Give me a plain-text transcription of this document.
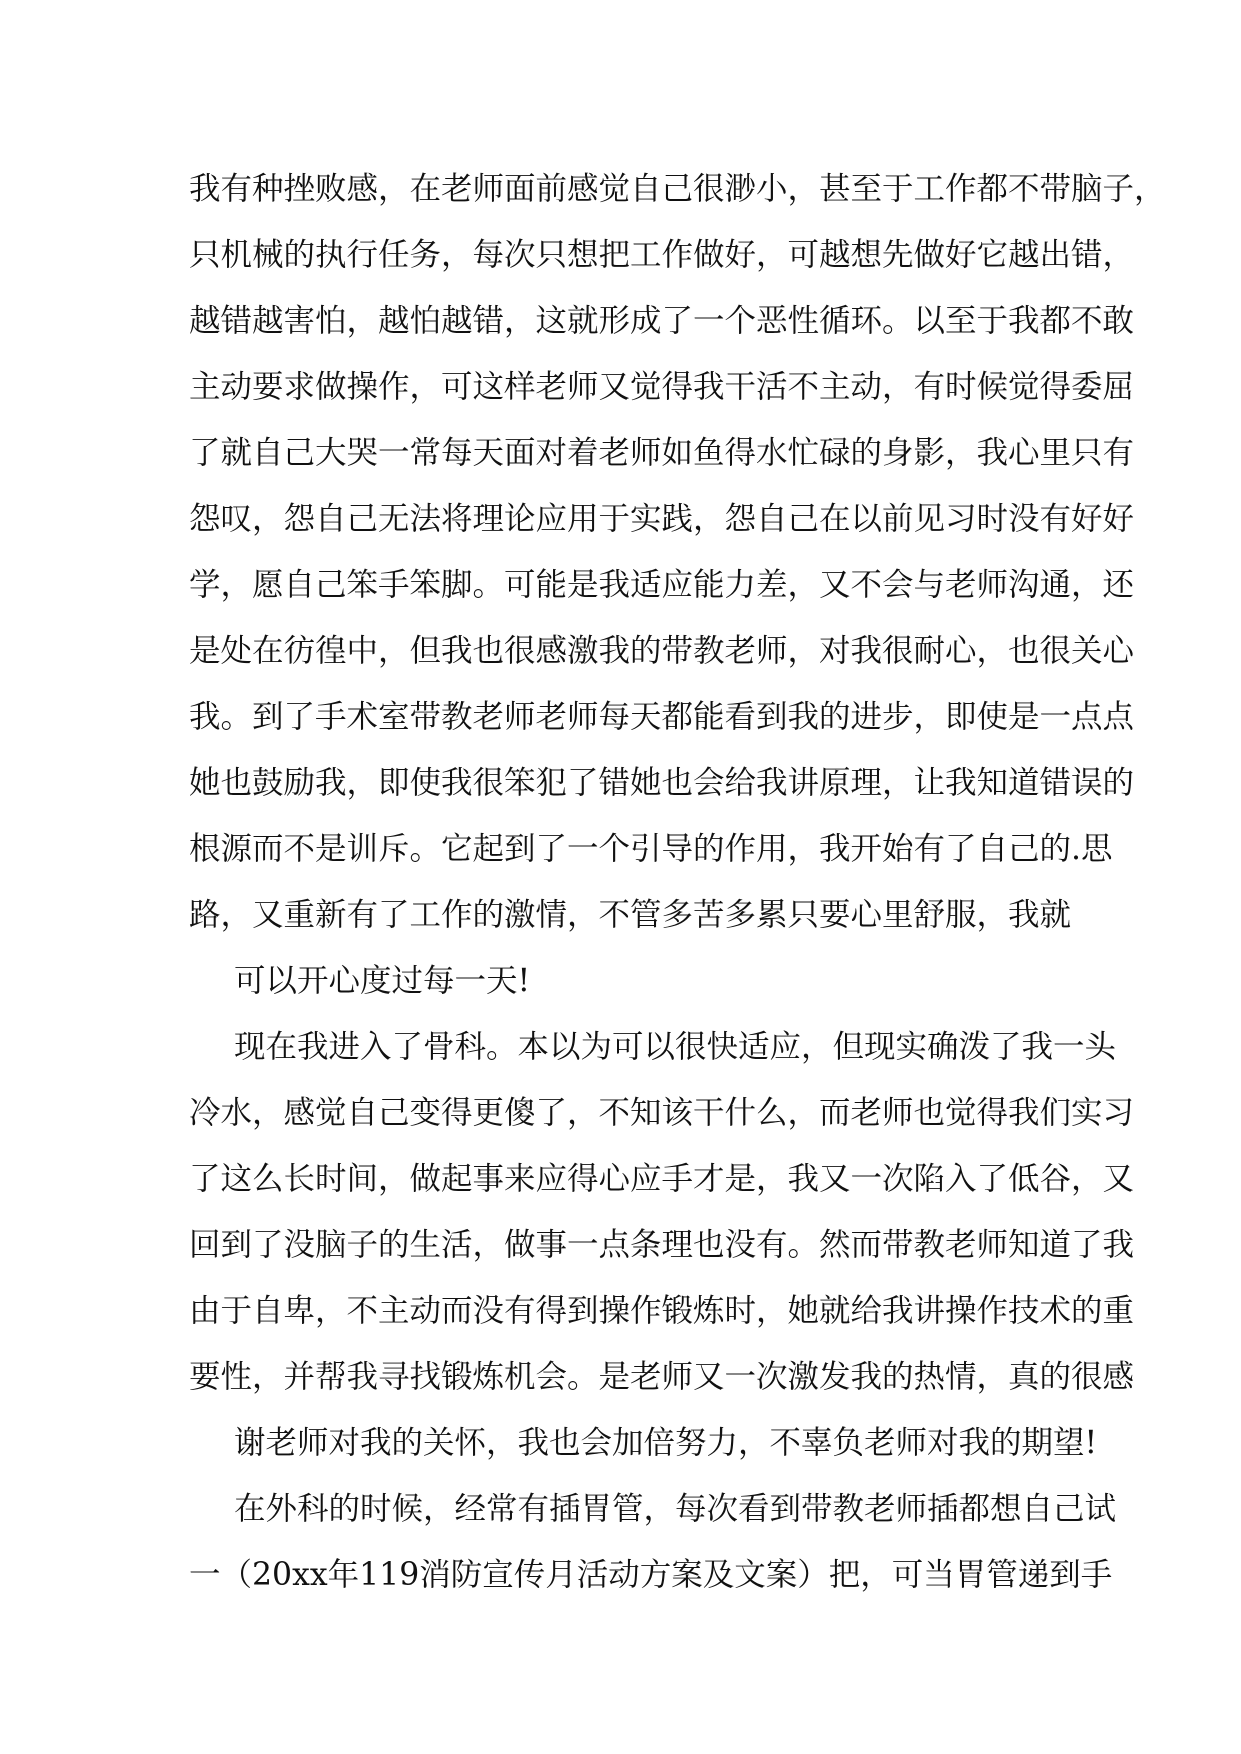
我有种挫败感，在老师面前感觉自己很渺小，甚至于工作都不带脑子，
只机械的执行任务，每次只想把工作做好，可越想先做好它越出错，
越错越害怕，越怕越错，这就形成了一个恶性循环。以至于我都不敢
主动要求做操作，可这样老师又觉得我干活不主动，有时候觉得委屈
了就自己大哭一常每天面对着老师如鱼得水忙碌的身影，我心里只有
怨叹，怨自己无法将理论应用于实践，怨自己在以前见习时没有好好
学，愿自己笨手笨脚。可能是我适应能力差，又不会与老师沟通，还
是处在彷徨中，但我也很感激我的带教老师，对我很耐心，也很关心
我。到了手术室带教老师老师每天都能看到我的进步，即使是一点点
她也鼓励我，即使我很笨犯了错她也会给我讲原理，让我知道错误的
根源而不是训斥。它起到了一个引导的作用，我开始有了自己的.思
路，又重新有了工作的激情，不管多苦多累只要心里舒服，我就
可以开心度过每一天!
现在我进入了骨科。本以为可以很快适应，但现实确泼了我一头
冷水，感觉自己变得更傻了，不知该干什么，而老师也觉得我们实习
了这么长时间，做起事来应得心应手才是，我又一次陷入了低谷，又
回到了没脑子的生活，做事一点条理也没有。然而带教老师知道了我
由于自卑，不主动而没有得到操作锻炼时，她就给我讲操作技术的重
要性，并帮我寻找锻炼机会。是老师又一次激发我的热情，真的很感
谢老师对我的关怀，我也会加倍努力，不辜负老师对我的期望!
在外科的时候，经常有插胃管，每次看到带教老师插都想自己试
一（20xx年119消防宣传月活动方案及文案）把，可当胃管递到手
